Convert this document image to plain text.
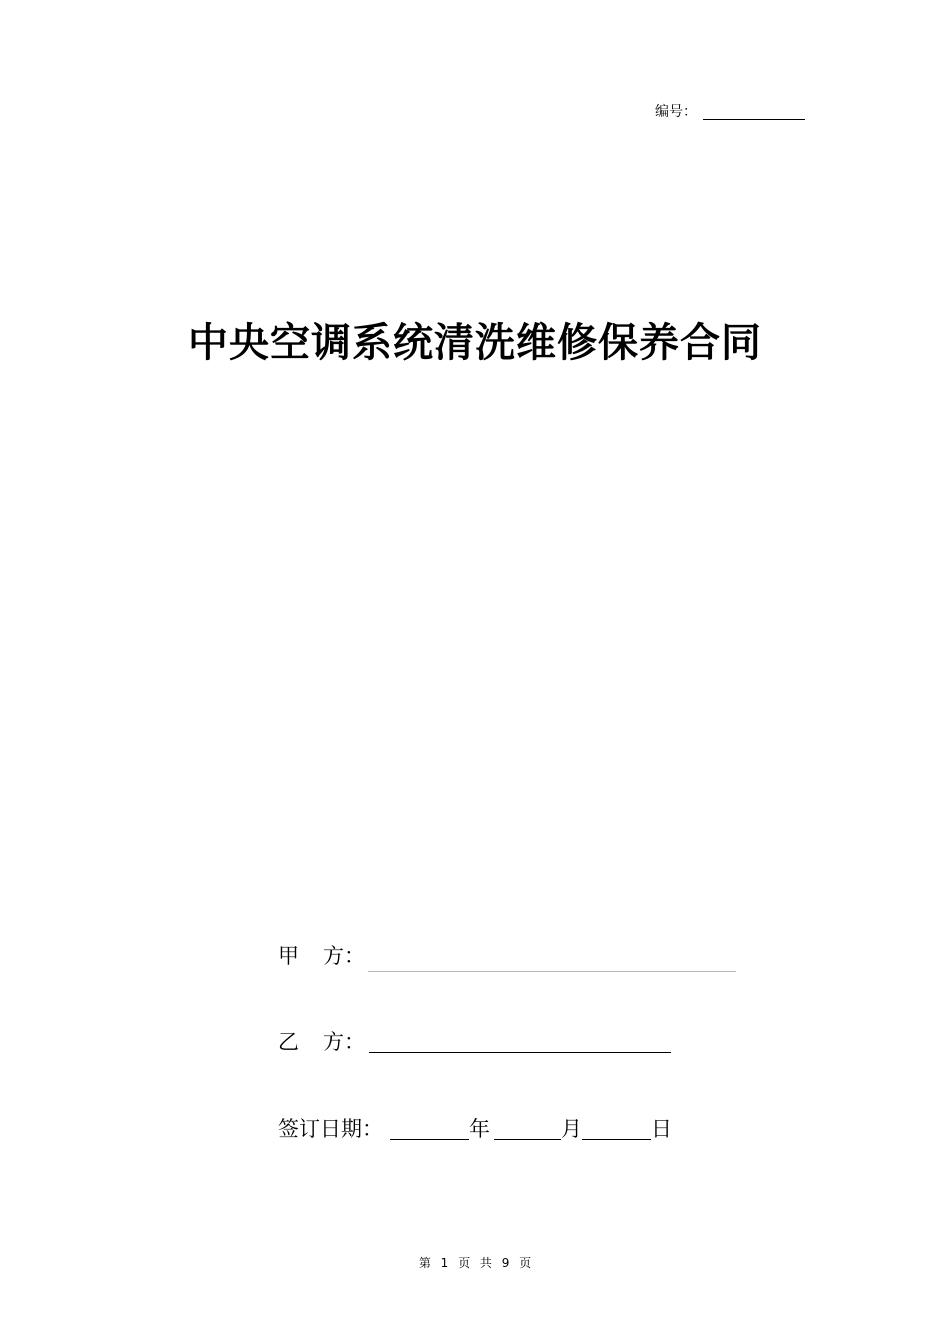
编号：
中央空调系统清洗维修保养合同
甲 方：
乙 方：
签订日期：	年	月	日
第 1 页 共 9 页
